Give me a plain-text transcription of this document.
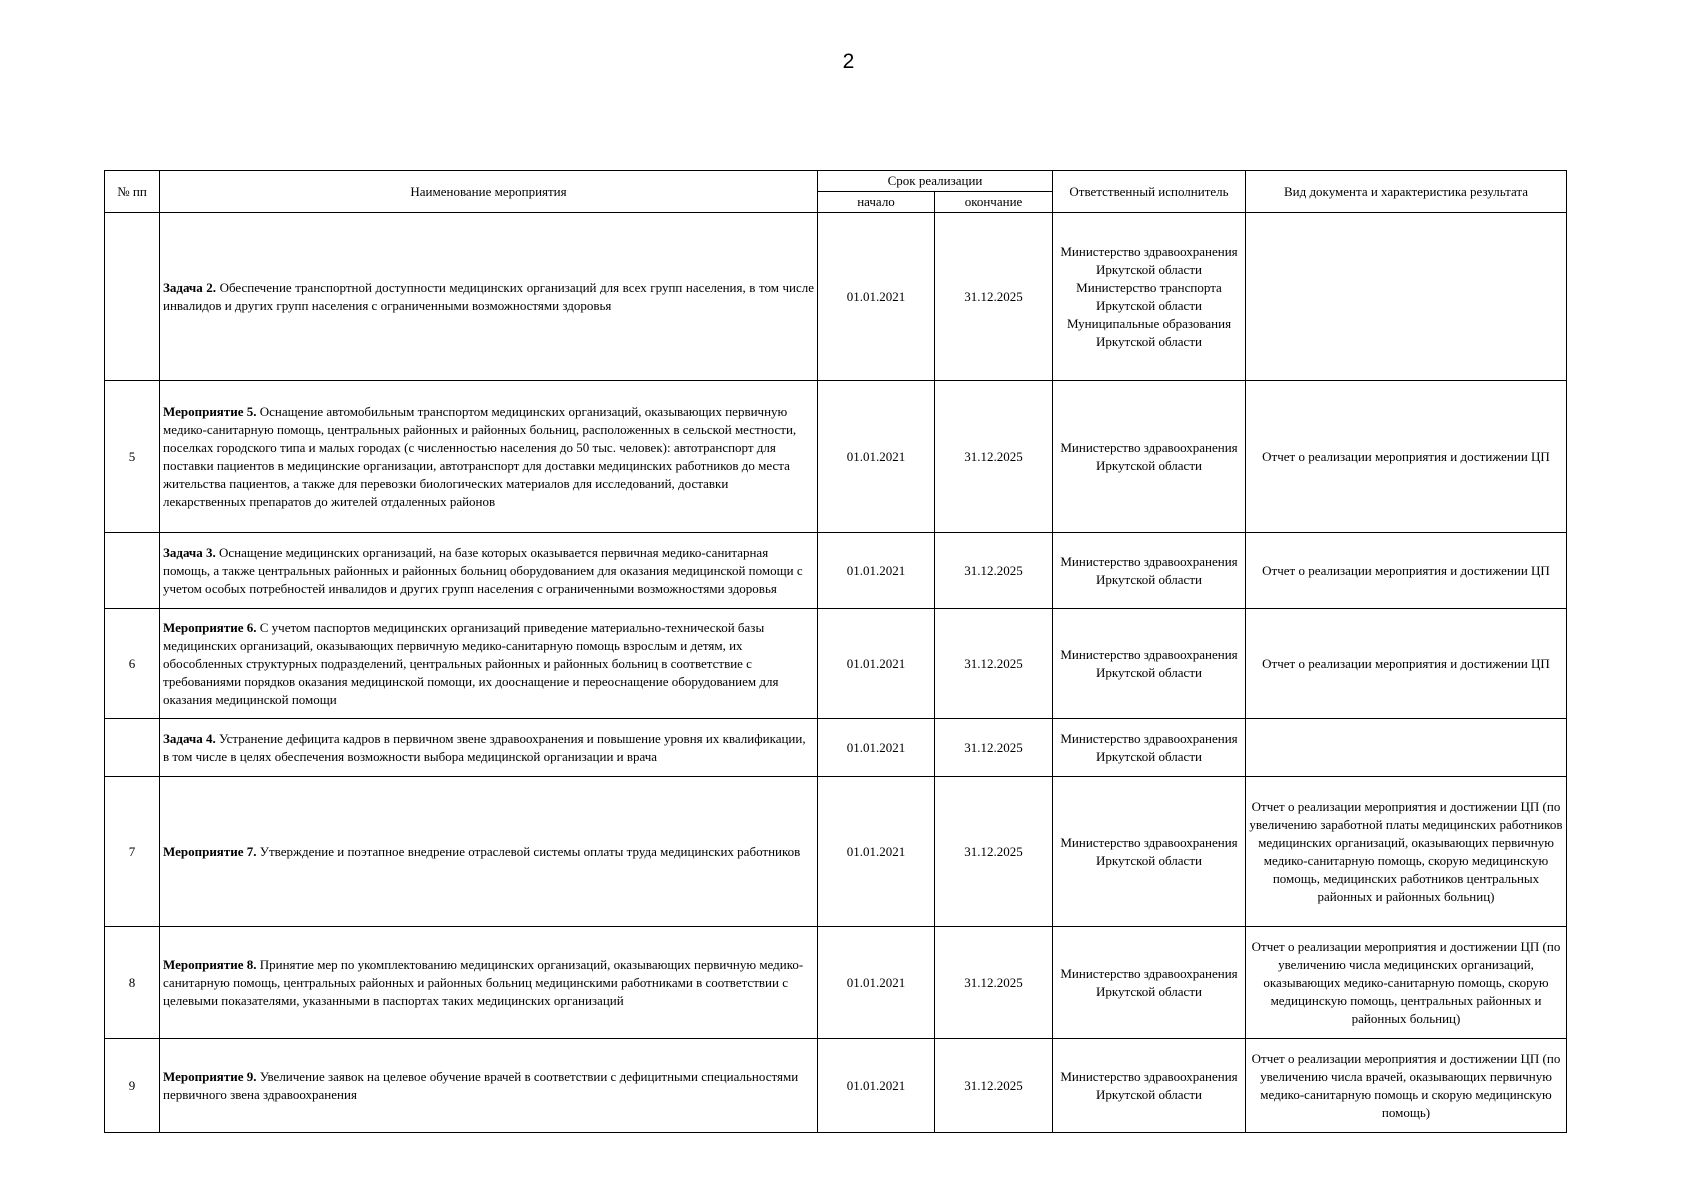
2
№ пп	Наименование мероприятия	Срок реализации		Ответственный исполнитель	Вид документа и характеристика результата
		начало	окончание		
	Задача 2. Обеспечение транспортной доступности медицинских организаций для всех групп населения, в том числе инвалидов и других групп населения с ограниченными возможностями здоровья	01.01.2021	31.12.2025	Министерство здравоохранения Иркутской области
Министерство транспорта Иркутской области
Муниципальные образования Иркутской области	

5	Мероприятие 5. Оснащение автомобильным транспортом медицинских организаций, оказывающих первичную медико-санитарную помощь, центральных районных и районных больниц, расположенных в сельской местности, поселках городского типа и малых городах (с численностью населения до 50 тыс. человек): автотранспорт для поставки пациентов в медицинские организации, автотранспорт для доставки медицинских работников до места жительства пациентов, а также для перевозки биологических материалов для исследований, доставки лекарственных препаратов до жителей отдаленных районов	01.01.2021	31.12.2025	Министерство здравоохранения Иркутской области	Отчет о реализации мероприятия и достижении ЦП
	Задача 3. Оснащение медицинских организаций, на базе которых оказывается первичная медико-санитарная помощь, а также центральных районных и районных больниц оборудованием для оказания медицинской помощи с учетом особых потребностей инвалидов и других групп населения с ограниченными возможностями здоровья	01.01.2021	31.12.2025	Министерство здравоохранения Иркутской области	Отчет о реализации мероприятия и достижении ЦП
6	Мероприятие 6. С учетом паспортов медицинских организаций приведение материально-технической базы медицинских организаций, оказывающих первичную медико-санитарную помощь взрослым и детям, их обособленных структурных подразделений, центральных районных и районных больниц в соответствие с требованиями порядков оказания медицинской помощи, их дооснащение и переоснащение оборудованием для оказания медицинской помощи	01.01.2021	31.12.2025	Министерство здравоохранения Иркутской области	Отчет о реализации мероприятия и достижении ЦП
	Задача 4. Устранение дефицита кадров в первичном звене здравоохранения и повышение уровня их квалификации, в том числе в целях обеспечения возможности выбора медицинской организации и врача	01.01.2021	31.12.2025	Министерство здравоохранения Иркутской области	

7	Мероприятие 7. Утверждение и поэтапное внедрение отраслевой системы оплаты труда медицинских работников	01.01.2021	31.12.2025	Министерство здравоохранения Иркутской области	Отчет о реализации мероприятия и достижении ЦП (по увеличению заработной платы медицинских работников медицинских организаций, оказывающих первичную медико-санитарную помощь, скорую медицинскую помощь, медицинских работников центральных районных и районных больниц)
8	Мероприятие 8. Принятие мер по укомплектованию медицинских организаций, оказывающих первичную медико-санитарную помощь, центральных районных и районных больниц медицинскими работниками в соответствии с целевыми показателями, указанными в паспортах таких медицинских организаций	01.01.2021	31.12.2025	Министерство здравоохранения Иркутской области	Отчет о реализации мероприятия и достижении ЦП (по увеличению числа медицинских организаций, оказывающих медико-санитарную помощь, скорую медицинскую помощь, центральных районных и районных больниц)
9	Мероприятие 9. Увеличение заявок на целевое обучение врачей в соответствии с дефицитными специальностями первичного звена здравоохранения	01.01.2021	31.12.2025	Министерство здравоохранения Иркутской области	Отчет о реализации мероприятия и достижении ЦП (по увеличению числа врачей, оказывающих первичную медико-санитарную помощь и скорую медицинскую помощь)
